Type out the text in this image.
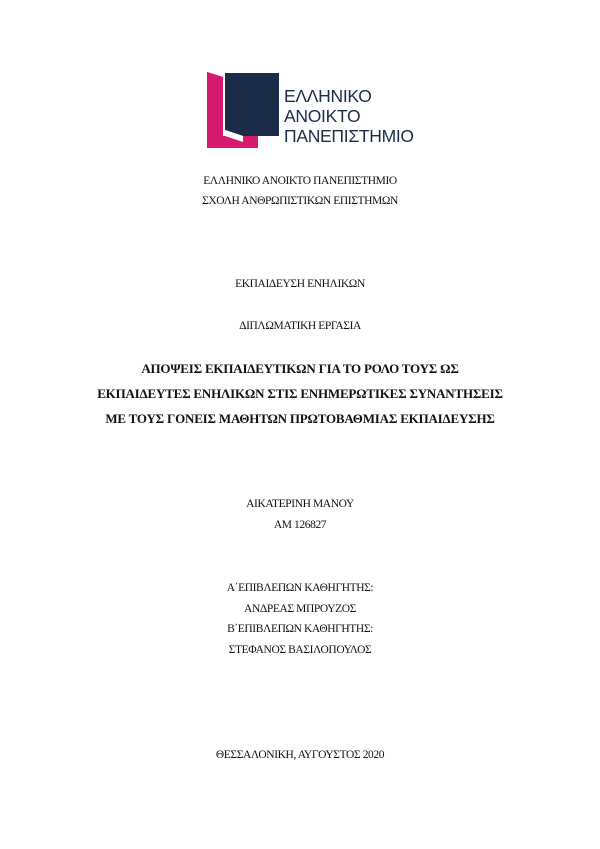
ΕΛΛΗΝΙΚΟ
ΑΝΟΙΚΤΟ
ΠΑΝΕΠΙΣΤΗΜΙΟ
ΕΛΛΗΝΙΚΟ ΑΝΟΙΚΤΟ ΠΑΝΕΠΙΣΤΗΜΙΟ
ΣΧΟΛΗ ΑΝΘΡΩΠΙΣΤΙΚΩΝ ΕΠΙΣΤΗΜΩΝ
ΕΚΠΑΙΔΕΥΣΗ ΕΝΗΛΙΚΩΝ
ΔΙΠΛΩΜΑΤΙΚΗ ΕΡΓΑΣΙΑ
ΑΠΟΨΕΙΣ ΕΚΠΑΙΔΕΥΤΙΚΩΝ ΓΙΑ ΤΟ ΡΟΛΟ ΤΟΥΣ ΩΣ
ΕΚΠΑΙΔΕΥΤΕΣ ΕΝΗΛΙΚΩΝ ΣΤΙΣ ΕΝΗΜΕΡΩΤΙΚΕΣ ΣΥΝΑΝΤΗΣΕΙΣ
ΜΕ ΤΟΥΣ ΓΟΝΕΙΣ ΜΑΘΗΤΩΝ ΠΡΩΤΟΒΑΘΜΙΑΣ ΕΚΠΑΙΔΕΥΣΗΣ
ΑΙΚΑΤΕΡΙΝΗ ΜΑΝΟΥ
ΑΜ 126827
Α΄ΕΠΙΒΛΕΠΩΝ ΚΑΘΗΓΗΤΗΣ:
ΑΝΔΡΕΑΣ ΜΠΡΟΥΖΟΣ
Β΄ΕΠΙΒΛΕΠΩΝ ΚΑΘΗΓΗΤΗΣ:
ΣΤΕΦΑΝΟΣ ΒΑΣΙΛΟΠΟΥΛΟΣ
ΘΕΣΣΑΛΟΝΙΚΗ, ΑΥΓΟΥΣΤΟΣ 2020
